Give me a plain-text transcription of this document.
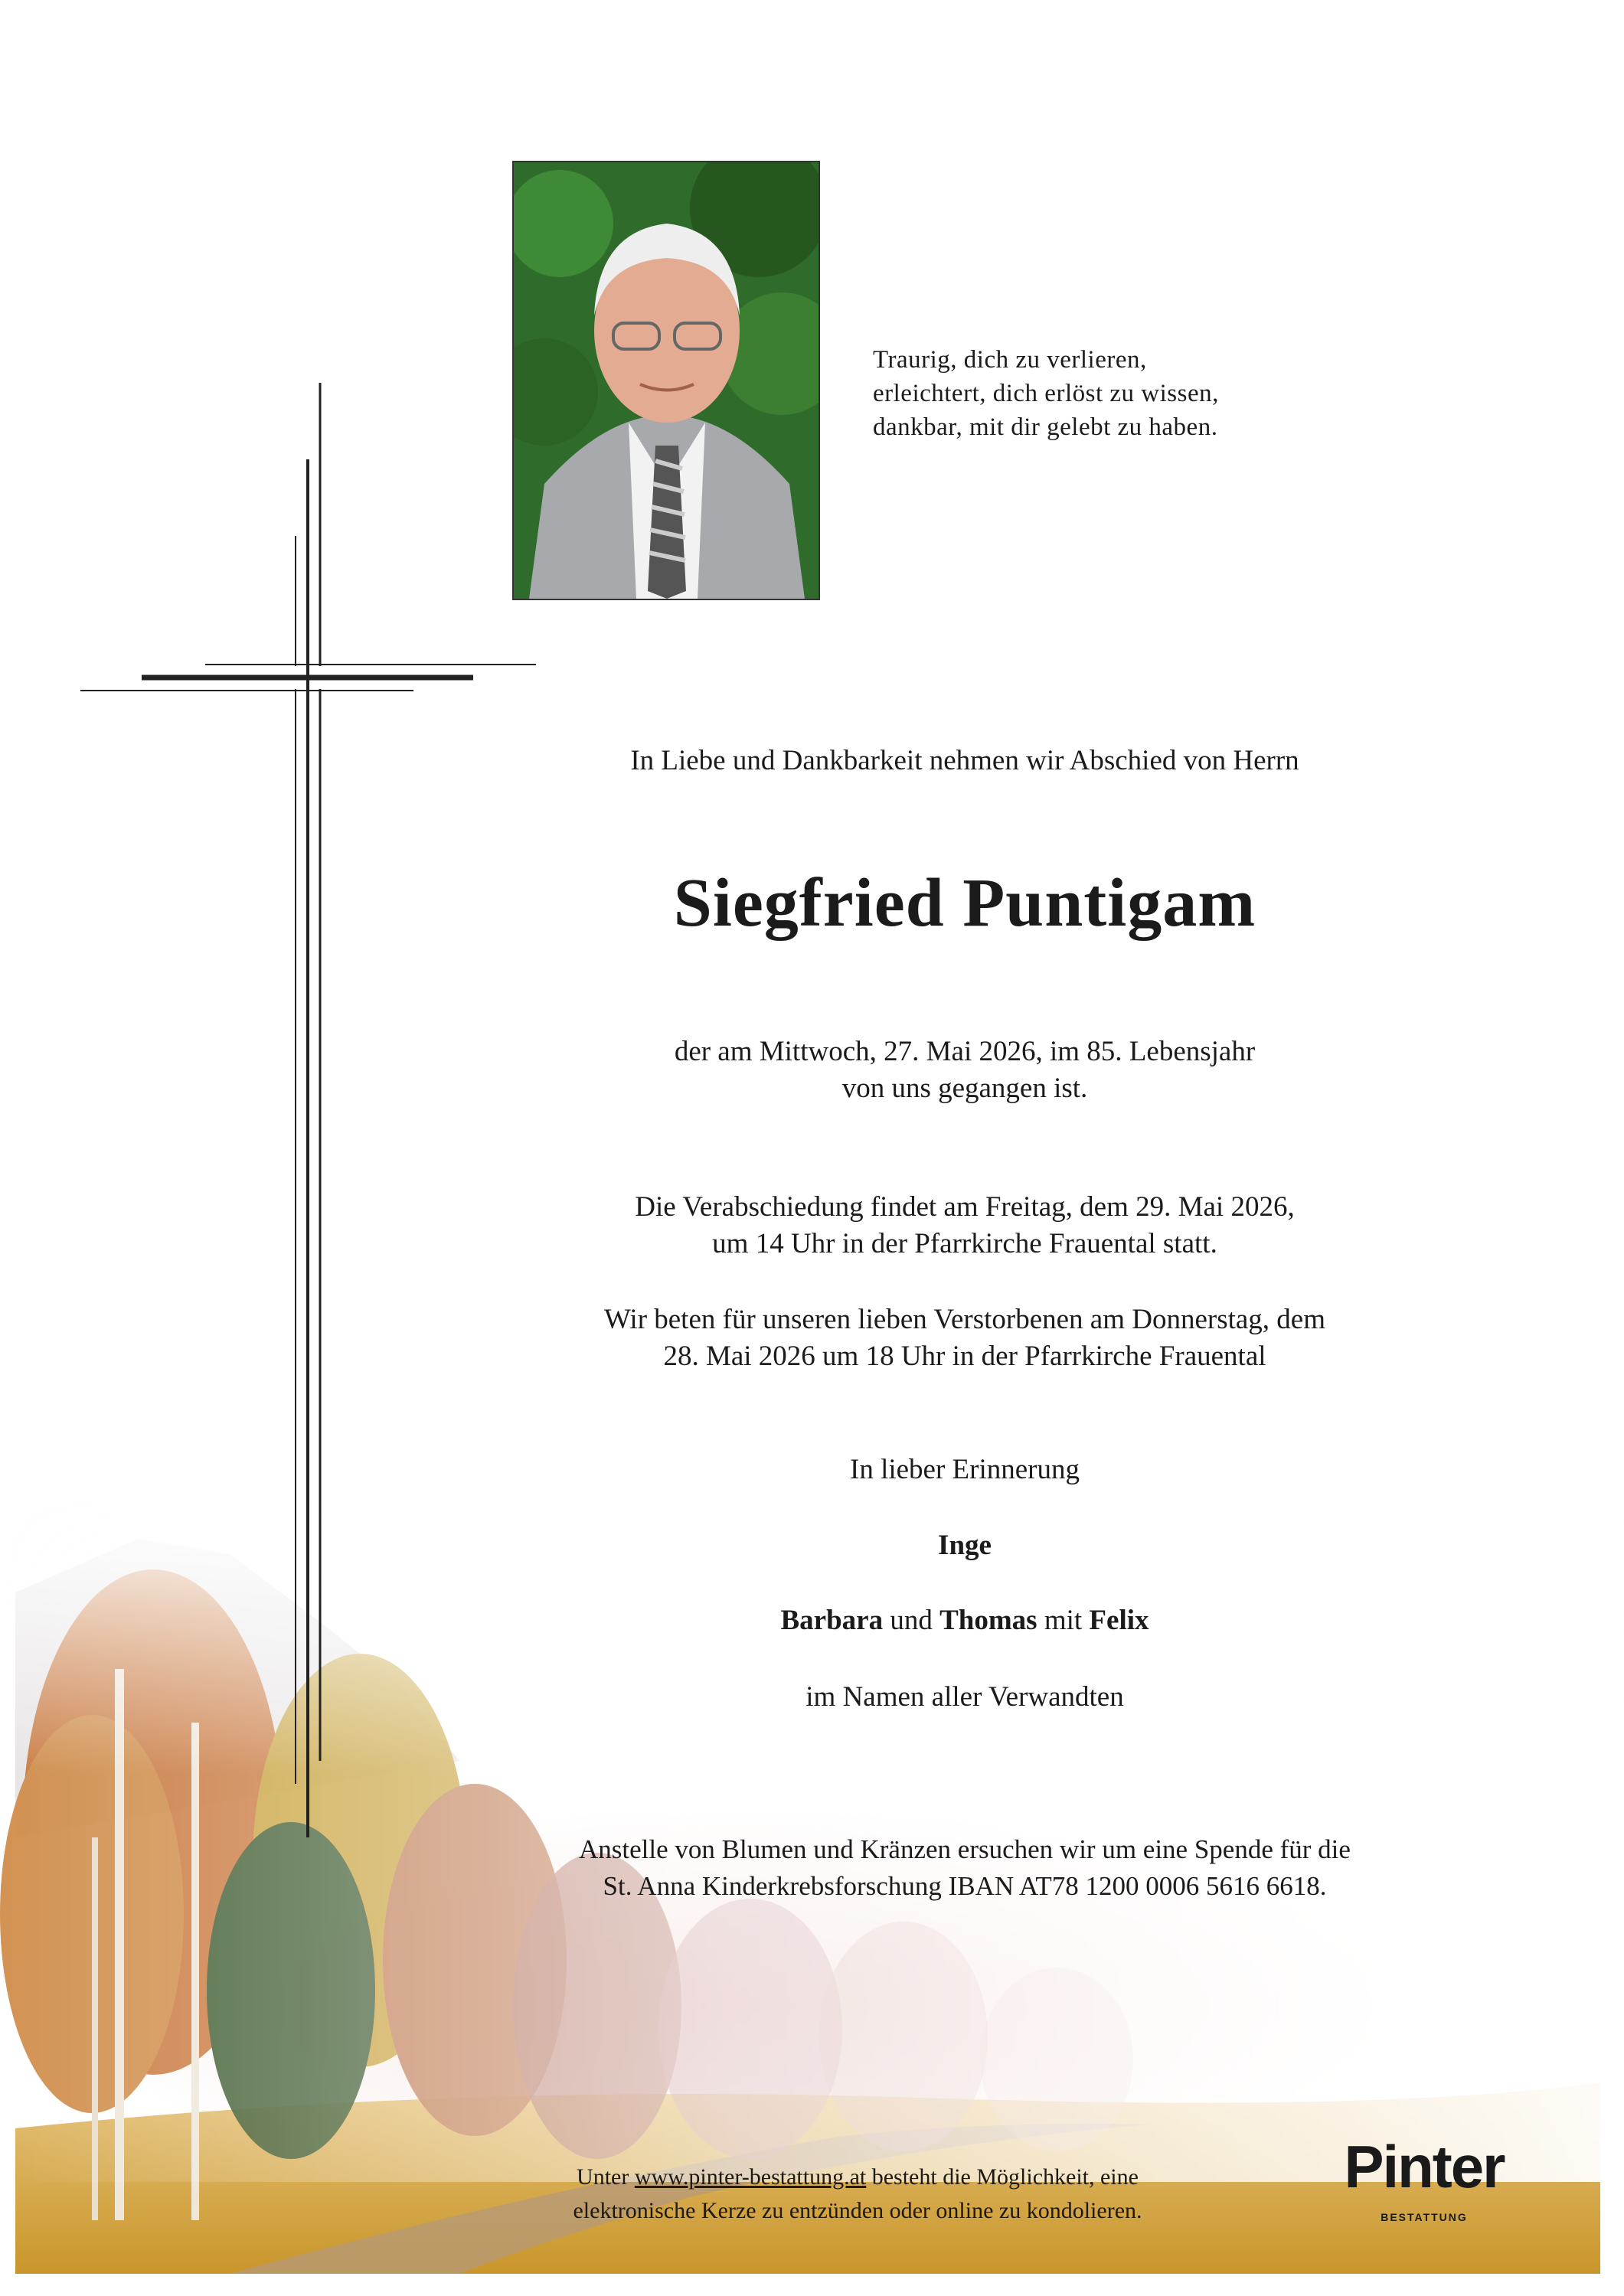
Traurig, dich zu verlieren,
erleichtert, dich erlöst zu wissen,
dankbar, mit dir gelebt zu haben.
In Liebe und Dankbarkeit nehmen wir Abschied von Herrn
Siegfried Puntigam
der am Mittwoch, 27. Mai 2026, im 85. Lebensjahr
von uns gegangen ist.
Die Verabschiedung findet am Freitag, dem 29. Mai 2026,
um 14 Uhr in der Pfarrkirche Frauental statt.
Wir beten für unseren lieben Verstorbenen am Donnerstag, dem
28. Mai 2026 um 18 Uhr in der Pfarrkirche Frauental
In lieber Erinnerung
Inge
Barbara und Thomas mit Felix
im Namen aller Verwandten
Anstelle von Blumen und Kränzen ersuchen wir um eine Spende für die
St. Anna Kinderkrebsforschung IBAN AT78 1200 0006 5616 6618.
Unter www.pinter-bestattung.at besteht die Möglichkeit, eine
elektronische Kerze zu entzünden oder online zu kondolieren.
Pinter
BESTATTUNG
